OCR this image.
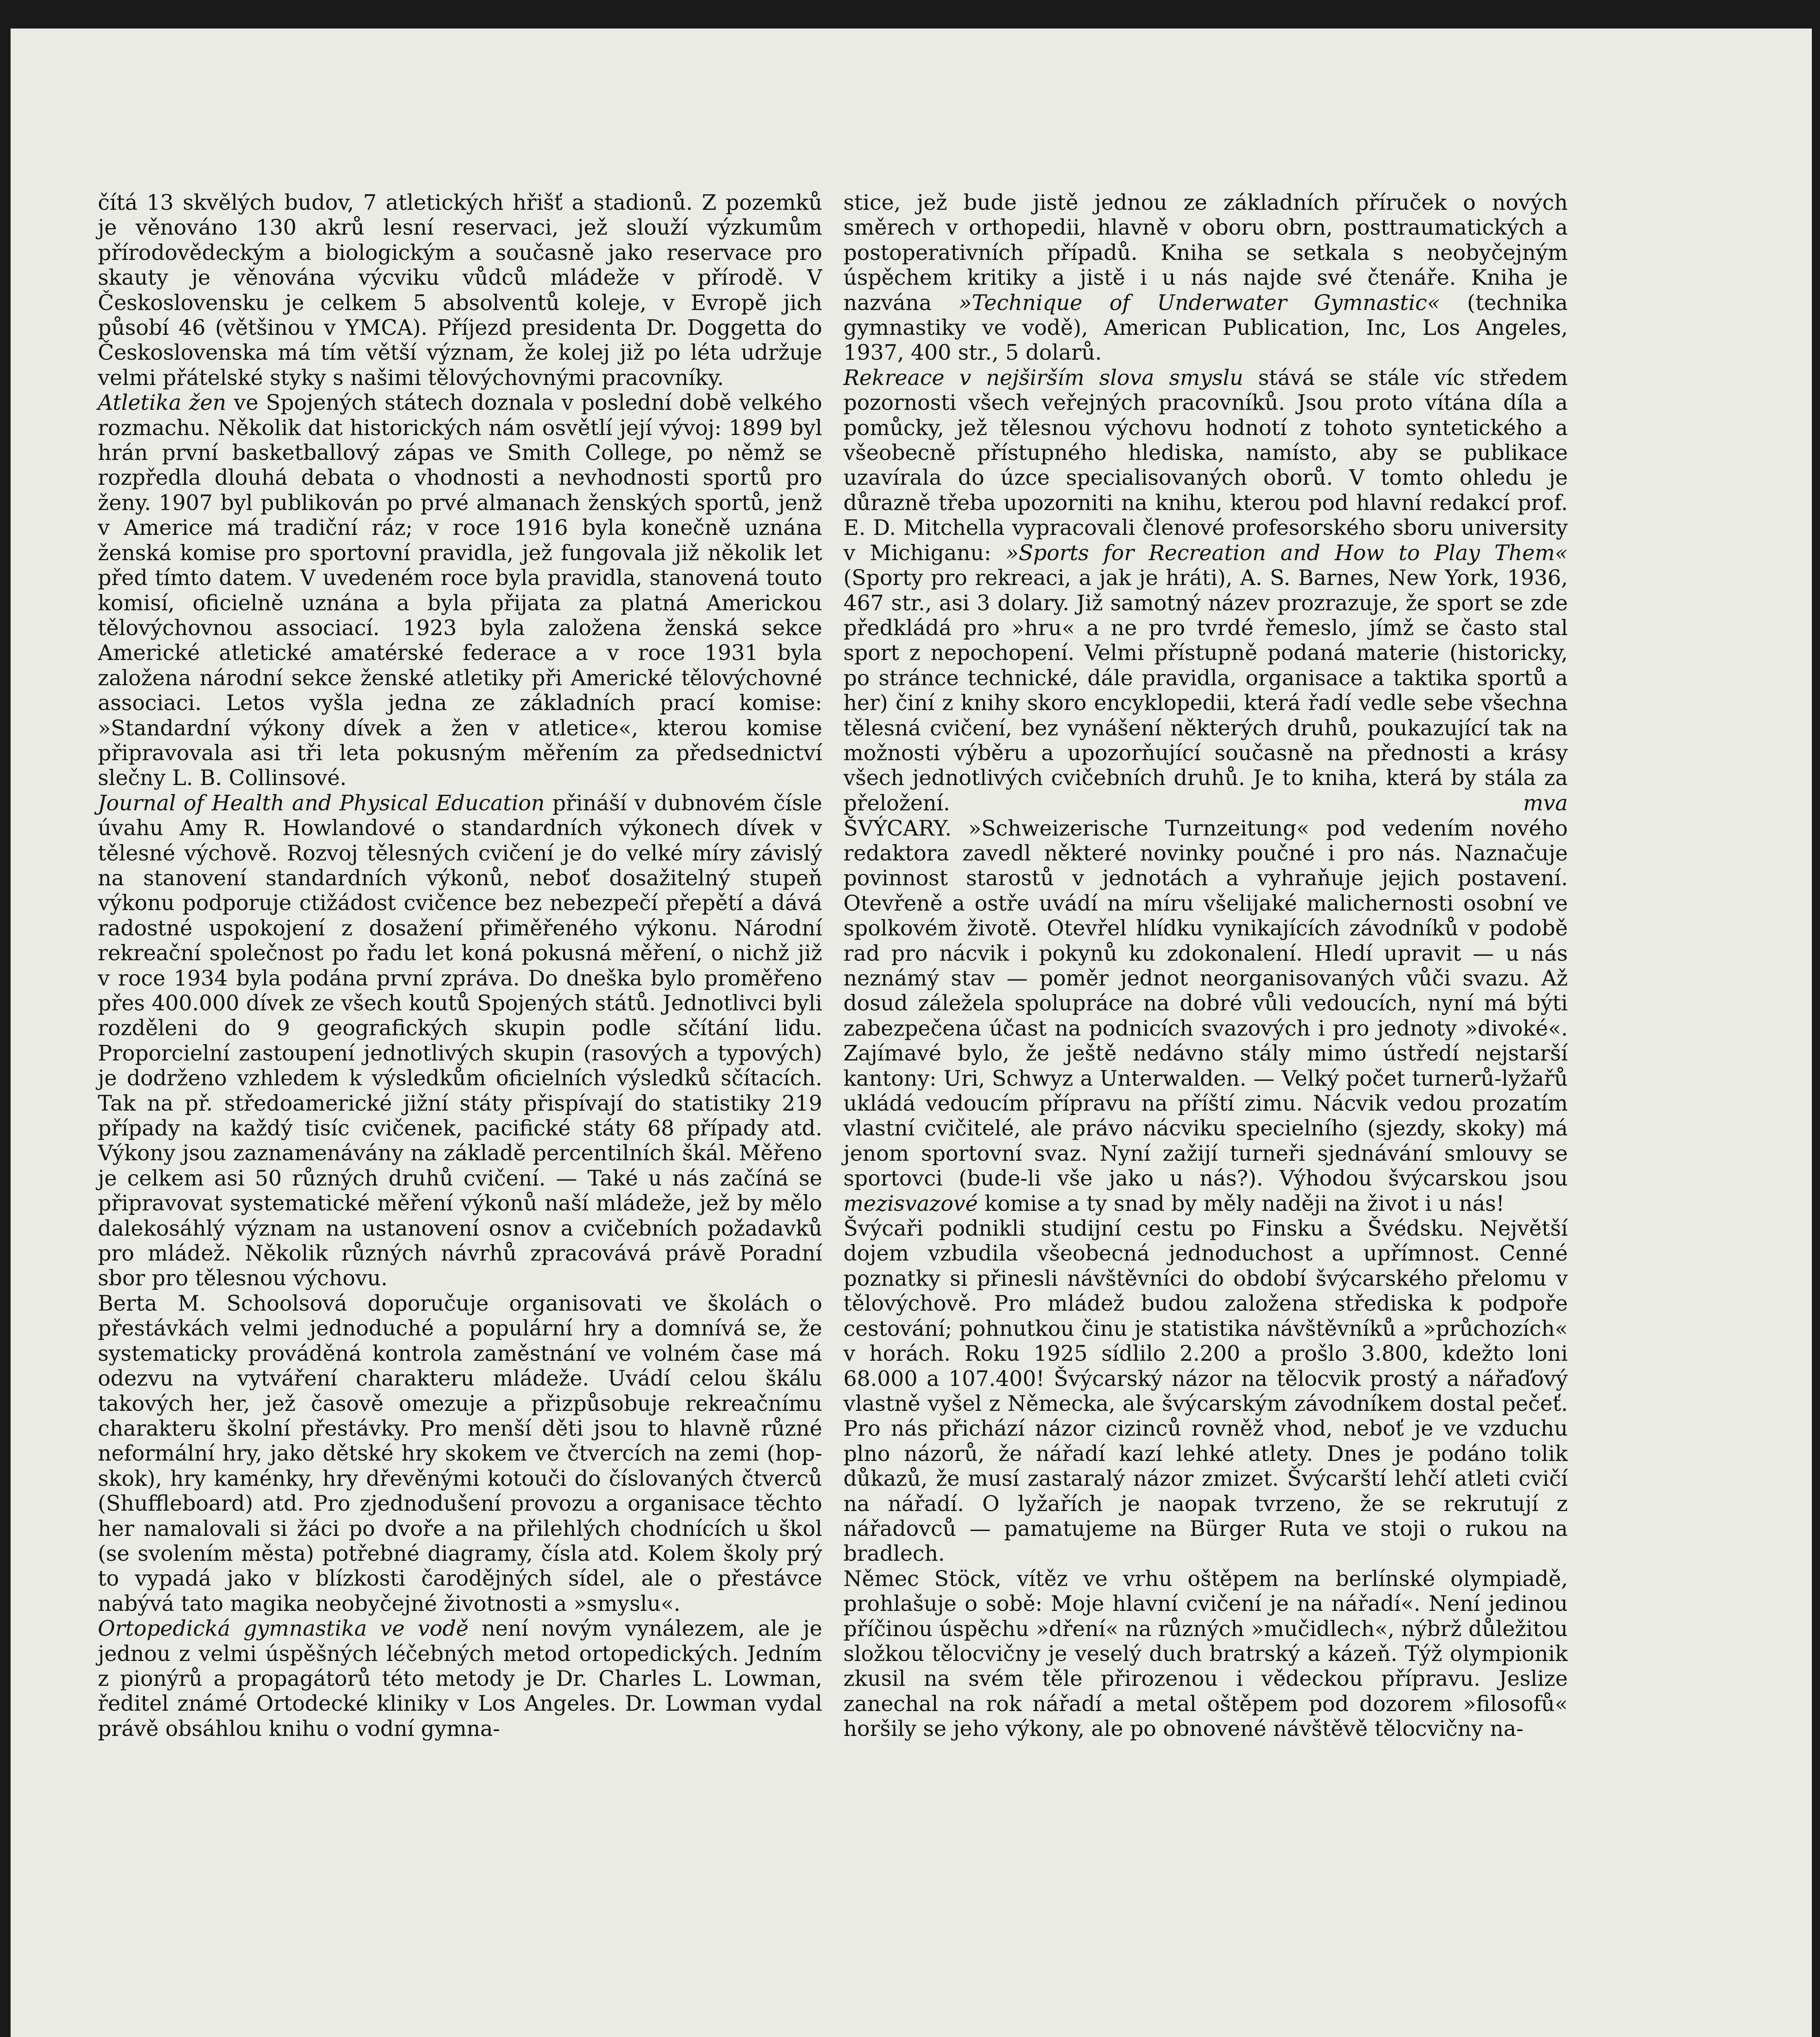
čítá 13 skvělých budov, 7 atletických hřišť a stadionů. Z pozemků je věnováno 130 akrů lesní reservaci, jež slouží výzkumům přírodovědeckým a biologickým a současně jako reservace pro skauty je věnována výcviku vůdců mládeže v přírodě. V Československu je celkem 5 absolventů koleje, v Evropě jich působí 46 (většinou v YMCA). Příjezd presidenta Dr. Doggetta do Československa má tím větší význam, že kolej již po léta udržuje velmi přátelské styky s našimi tělovýchovnými pracovníky.

Atletika žen ve Spojených státech doznala v poslední době velkého rozmachu. Několik dat historických nám osvětlí její vývoj: 1899 byl hrán první basketballový zápas ve Smith College, po němž se rozpředla dlouhá debata o vhodnosti a nevhodnosti sportů pro ženy. 1907 byl publikován po prvé almanach ženských sportů, jenž v Americe má tradiční ráz; v roce 1916 byla konečně uznána ženská komise pro sportovní pravidla, jež fungovala již několik let před tímto datem. V uvedeném roce byla pravidla, stanovená touto komisí, oficielně uznána a byla přijata za platná Americkou tělovýchovnou associací. 1923 byla založena ženská sekce Americké atletické amatérské federace a v roce 1931 byla založena národní sekce ženské atletiky při Americké tělovýchovné associaci. Letos vyšla jedna ze základních prací komise: »Standardní výkony dívek a žen v atletice«, kterou komise připravovala asi tři leta pokusným měřením za předsednictví slečny L. B. Collinsové.

Journal of Health and Physical Education přináší v dubnovém čísle úvahu Amy R. Howlandové o standardních výkonech dívek v tělesné výchově. Rozvoj tělesných cvičení je do velké míry závislý na stanovení standardních výkonů, neboť dosažitelný stupeň výkonu podporuje ctižádost cvičence bez nebezpečí přepětí a dává radostné uspokojení z dosažení přiměřeného výkonu. Národní rekreační společnost po řadu let koná pokusná měření, o nichž již v roce 1934 byla podána první zpráva. Do dneška bylo proměřeno přes 400.000 dívek ze všech koutů Spojených států. Jednotlivci byli rozděleni do 9 geografických skupin podle sčítání lidu. Proporcielní zastoupení jednotlivých skupin (rasových a typových) je dodrženo vzhledem k výsledkům oficielních výsledků sčítacích. Tak na př. středoamerické jižní státy přispívají do statistiky 219 případy na každý tisíc cvičenek, pacifické státy 68 případy atd. Výkony jsou zaznamenávány na základě percentilních škál. Měřeno je celkem asi 50 různých druhů cvičení. — Také u nás začíná se připravovat systematické měření výkonů naší mládeže, jež by mělo dalekosáhlý význam na ustanovení osnov a cvičebních požadavků pro mládež. Několik různých návrhů zpracovává právě Poradní sbor pro tělesnou výchovu.

Berta M. Schoolsová doporučuje organisovati ve školách o přestávkách velmi jednoduché a populární hry a domnívá se, že systematicky prováděná kontrola zaměstnání ve volném čase má odezvu na vytváření charakteru mládeže. Uvádí celou škálu takových her, jež časově omezuje a přizpůsobuje rekreačnímu charakteru školní přestávky. Pro menší děti jsou to hlavně různé neformální hry, jako dětské hry skokem ve čtvercích na zemi (hop-skok), hry kaménky, hry dřevěnými kotouči do číslovaných čtverců (Shuffleboard) atd. Pro zjednodušení provozu a organisace těchto her namalovali si žáci po dvoře a na přilehlých chodnících u škol (se svolením města) potřebné diagramy, čísla atd. Kolem školy prý to vypadá jako v blízkosti čarodějných sídel, ale o přestávce nabývá tato magika neobyčejné životnosti a »smyslu«.

Ortopedická gymnastika ve vodě není novým vynálezem, ale je jednou z velmi úspěšných léčebných metod ortopedických. Jedním z pionýrů a propagátorů této metody je Dr. Charles L. Lowman, ředitel známé Ortodecké kliniky v Los Angeles. Dr. Lowman vydal právě obsáhlou knihu o vodní gymna-

stice, jež bude jistě jednou ze základních příruček o nových směrech v orthopedii, hlavně v oboru obrn, posttraumatických a postoperativních případů. Kniha se setkala s neobyčejným úspěchem kritiky a jistě i u nás najde své čtenáře. Kniha je nazvána »Technique of Underwater Gymnastic« (technika gymnastiky ve vodě), American Publication, Inc, Los Angeles, 1937, 400 str., 5 dolarů.

Rekreace v nejširším slova smyslu stává se stále víc středem pozornosti všech veřejných pracovníků. Jsou proto vítána díla a pomůcky, jež tělesnou výchovu hodnotí z tohoto syntetického a všeobecně přístupného hlediska, namísto, aby se publikace uzavírala do úzce specialisovaných oborů. V tomto ohledu je důrazně třeba upozorniti na knihu, kterou pod hlavní redakcí prof. E. D. Mitchella vypracovali členové profesorského sboru university v Michiganu: »Sports for Recreation and How to Play Them« (Sporty pro rekreaci, a jak je hráti), A. S. Barnes, New York, 1936, 467 str., asi 3 dolary. Již samotný název prozrazuje, že sport se zde předkládá pro »hru« a ne pro tvrdé řemeslo, jímž se často stal sport z nepochopení. Velmi přístupně podaná materie (historicky, po stránce technické, dále pravidla, organisace a taktika sportů a her) činí z knihy skoro encyklopedii, která řadí vedle sebe všechna tělesná cvičení, bez vynášení některých druhů, poukazující tak na možnosti výběru a upozorňující současně na přednosti a krásy všech jednotlivých cvičebních druhů. Je to kniha, která by stála za přeložení.	mva

ŠVÝCARY. »Schweizerische Turnzeitung« pod vedením nového redaktora zavedl některé novinky poučné i pro nás. Naznačuje povinnost starostů v jednotách a vyhraňuje jejich postavení. Otevřeně a ostře uvádí na míru všelijaké malichernosti osobní ve spolkovém životě. Otevřel hlídku vynikajících závodníků v podobě rad pro nácvik i pokynů ku zdokonalení. Hledí upravit — u nás neznámý stav — poměr jednot neorganisovaných vůči svazu. Až dosud záležela spolupráce na dobré vůli vedoucích, nyní má býti zabezpečena účast na podnicích svazových i pro jednoty »divoké«. Zajímavé bylo, že ještě nedávno stály mimo ústředí nejstarší kantony: Uri, Schwyz a Unterwalden. — Velký počet turnerů-lyžařů ukládá vedoucím přípravu na příští zimu. Nácvik vedou prozatím vlastní cvičitelé, ale právo nácviku specielního (sjezdy, skoky) má jenom sportovní svaz. Nyní zažijí turneři sjednávání smlouvy se sportovci (bude-li vše jako u nás?). Výhodou švýcarskou jsou mezisvazové komise a ty snad by měly naději na život i u nás!

Švýcaři podnikli studijní cestu po Finsku a Švédsku. Největší dojem vzbudila všeobecná jednoduchost a upřímnost. Cenné poznatky si přinesli návštěvníci do období švýcarského přelomu v tělovýchově. Pro mládež budou založena střediska k podpoře cestování; pohnutkou činu je statistika návštěvníků a »průchozích« v horách. Roku 1925 sídlilo 2.200 a prošlo 3.800, kdežto loni 68.000 a 107.400! Švýcarský názor na tělocvik prostý a nářaďový vlastně vyšel z Německa, ale švýcarským závodníkem dostal pečeť. Pro nás přichází názor cizinců rovněž vhod, neboť je ve vzduchu plno názorů, že nářadí kazí lehké atlety. Dnes je podáno tolik důkazů, že musí zastaralý názor zmizet. Švýcarští lehčí atleti cvičí na nářadí. O lyžařích je naopak tvrzeno, že se rekrutují z nářadovců — pamatujeme na Bürger Ruta ve stoji o rukou na bradlech.

Němec Stöck, vítěz ve vrhu oštěpem na berlínské olympiadě, prohlašuje o sobě: Moje hlavní cvičení je na nářadí«. Není jedinou příčinou úspěchu »dření« na různých »mučidlech«, nýbrž důležitou složkou tělocvičny je veselý duch bratrský a kázeň. Týž olympionik zkusil na svém těle přirozenou i vědeckou přípravu. Jeslize zanechal na rok nářadí a metal oštěpem pod dozorem »filosofů« horšily se jeho výkony, ale po obnovené návštěvě tělocvičny na-
